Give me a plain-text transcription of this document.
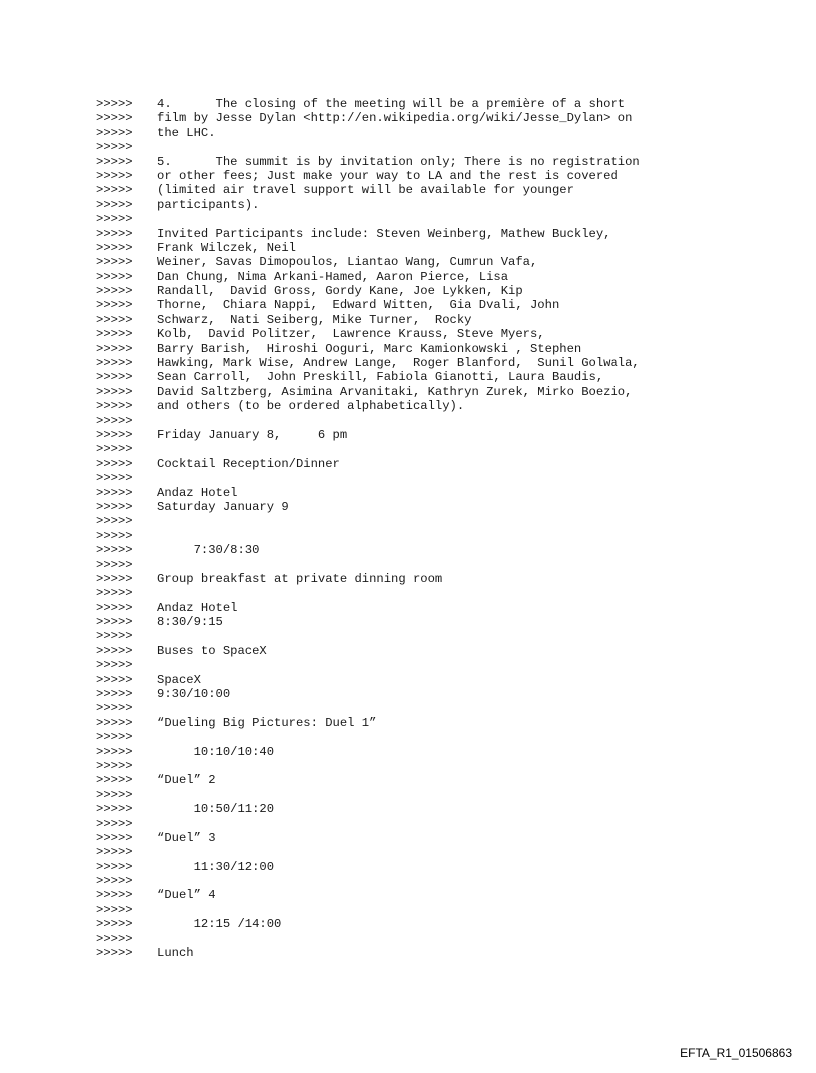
>>>>>	4.      The closing of the meeting will be a première of a short
>>>>>	film by Jesse Dylan <http://en.wikipedia.org/wiki/Jesse_Dylan> on
>>>>>	the LHC.
>>>>>
>>>>>	5.      The summit is by invitation only; There is no registration
>>>>>	or other fees; Just make your way to LA and the rest is covered
>>>>>	(limited air travel support will be available for younger
>>>>>	participants).
>>>>>
>>>>>	Invited Participants include: Steven Weinberg, Mathew Buckley,
>>>>>	Frank Wilczek, Neil
>>>>>	Weiner, Savas Dimopoulos, Liantao Wang, Cumrun Vafa,
>>>>>	Dan Chung, Nima Arkani-Hamed, Aaron Pierce, Lisa
>>>>>	Randall,  David Gross, Gordy Kane, Joe Lykken, Kip
>>>>>	Thorne,  Chiara Nappi,  Edward Witten,  Gia Dvali, John
>>>>>	Schwarz,  Nati Seiberg, Mike Turner,  Rocky
>>>>>	Kolb,  David Politzer,  Lawrence Krauss, Steve Myers,
>>>>>	Barry Barish,  Hiroshi Ooguri, Marc Kamionkowski , Stephen
>>>>>	Hawking, Mark Wise, Andrew Lange,  Roger Blanford,  Sunil Golwala,
>>>>>	Sean Carroll,  John Preskill, Fabiola Gianotti, Laura Baudis,
>>>>>	David Saltzberg, Asimina Arvanitaki, Kathryn Zurek, Mirko Boezio,
>>>>>	and others (to be ordered alphabetically).
>>>>>
>>>>>	Friday January 8,     6 pm
>>>>>
>>>>>	Cocktail Reception/Dinner
>>>>>
>>>>>	Andaz Hotel
>>>>>	Saturday January 9
>>>>>
>>>>>
>>>>>	7:30/8:30
>>>>>
>>>>>	Group breakfast at private dinning room
>>>>>
>>>>>	Andaz Hotel
>>>>>	8:30/9:15
>>>>>
>>>>>	Buses to SpaceX
>>>>>
>>>>>	SpaceX
>>>>>	9:30/10:00
>>>>>
>>>>>	“Dueling Big Pictures: Duel 1”
>>>>>
>>>>>	10:10/10:40
>>>>>
>>>>>	“Duel” 2
>>>>>
>>>>>	10:50/11:20
>>>>>
>>>>>	“Duel” 3
>>>>>
>>>>>	11:30/12:00
>>>>>
>>>>>	“Duel” 4
>>>>>
>>>>>	12:15 /14:00
>>>>>
>>>>>	Lunch
EFTA_R1_01506863
